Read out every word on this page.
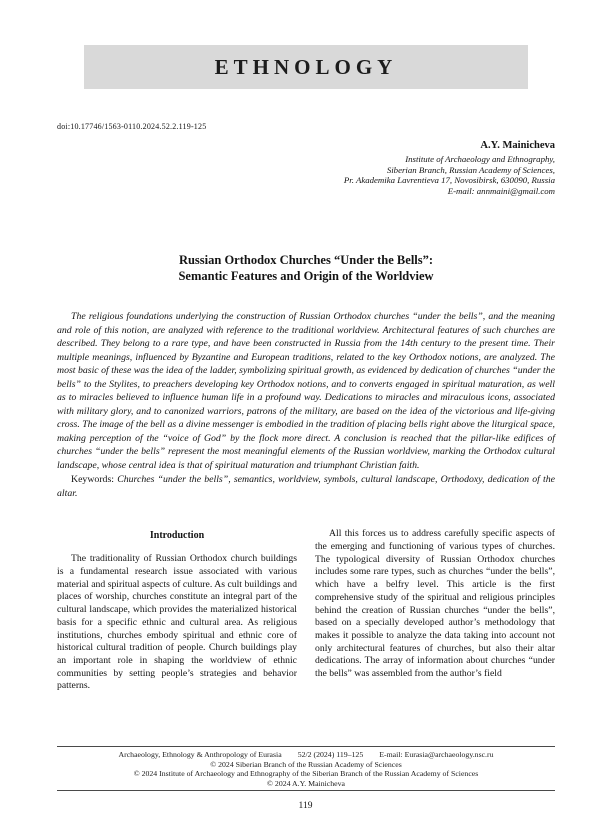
ETHNOLOGY
doi:10.17746/1563-0110.2024.52.2.119-125
A.Y. Mainicheva
Institute of Archaeology and Ethnography,
Siberian Branch, Russian Academy of Sciences,
Pr. Akademika Lavrentieva 17, Novosibirsk, 630090, Russia
E-mail: annmaini@gmail.com
Russian Orthodox Churches “Under the Bells”:
Semantic Features and Origin of the Worldview

The religious foundations underlying the construction of Russian Orthodox churches “under the bells”, and the meaning and role of this notion, are analyzed with reference to the traditional worldview. Architectural features of such churches are described. They belong to a rare type, and have been constructed in Russia from the 14th century to the present time. Their multiple meanings, influenced by Byzantine and European traditions, related to the key Orthodox notions, are analyzed. The most basic of these was the idea of the ladder, symbolizing spiritual growth, as evidenced by dedication of churches “under the bells” to the Stylites, to preachers developing key Orthodox notions, and to converts engaged in spiritual maturation, as well as to miracles believed to influence human life in a profound way. Dedications to miracles and miraculous icons, associated with military glory, and to canonized warriors, patrons of the military, are based on the idea of the victorious and life-giving cross. The image of the bell as a divine messenger is embodied in the tradition of placing bells right above the liturgical space, making perception of the “voice of God” by the flock more direct. A conclusion is reached that the pillar-like edifices of churches “under the bells” represent the most meaningful elements of the Russian worldview, marking the Orthodox cultural landscape, whose central idea is that of spiritual maturation and triumphant Christian faith.

Keywords: Churches “under the bells”, semantics, worldview, symbols, cultural landscape, Orthodoxy, dedication of the altar.

Introduction

The traditionality of Russian Orthodox church buildings is a fundamental research issue associated with various material and spiritual aspects of culture. As cult buildings and places of worship, churches constitute an integral part of the cultural landscape, which provides the materialized historical basis for a specific ethnic and cultural area. As religious institutions, churches embody spiritual and ethnic core of historical cultural tradition of people. Church buildings play an important role in shaping the worldview of ethnic communities by setting people’s strategies and behavior patterns.

All this forces us to address carefully specific aspects of the emerging and functioning of various types of churches. The typological diversity of Russian Orthodox churches includes some rare types, such as churches “under the bells”, which have a belfry level. This article is the first comprehensive study of the spiritual and religious principles behind the creation of Russian churches “under the bells”, based on a specially developed author’s methodology that makes it possible to analyze the data taking into account not only architectural features of churches, but also their altar dedications. The array of information about churches “under the bells” was assembled from the author’s field

Archaeology, Ethnology & Anthropology of Eurasia 52/2 (2024) 119–125 E-mail: Eurasia@archaeology.nsc.ru
© 2024 Siberian Branch of the Russian Academy of Sciences
© 2024 Institute of Archaeology and Ethnography of the Siberian Branch of the Russian Academy of Sciences
© 2024 A.Y. Mainicheva
119
